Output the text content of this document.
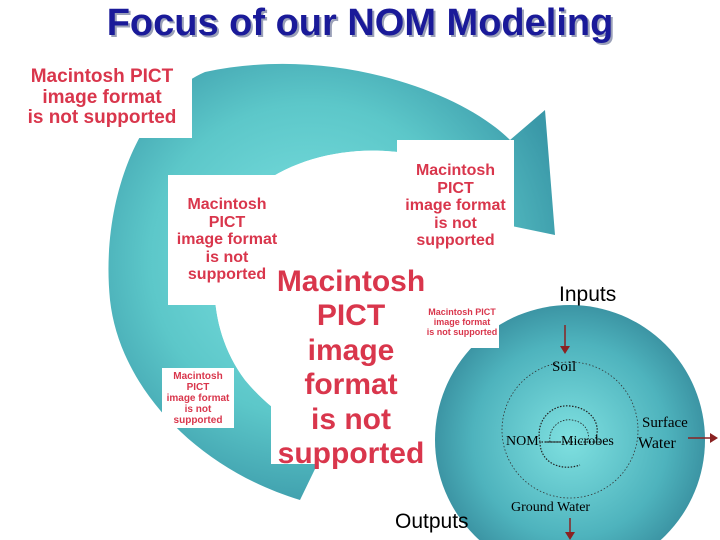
Focus of our NOM Modeling
Macintosh PICT
image format
is not supported
Macintosh PICT
image format
is not supported
Macintosh PICT
image format
is not supported Macintosh PICT
image format
is not supported
Macintosh PICT
image format
is not supported
Macintosh PICT
image format
is not supported
Inputs
Soil
Surface
NOM Microbes Water
Ground Water
Outputs
